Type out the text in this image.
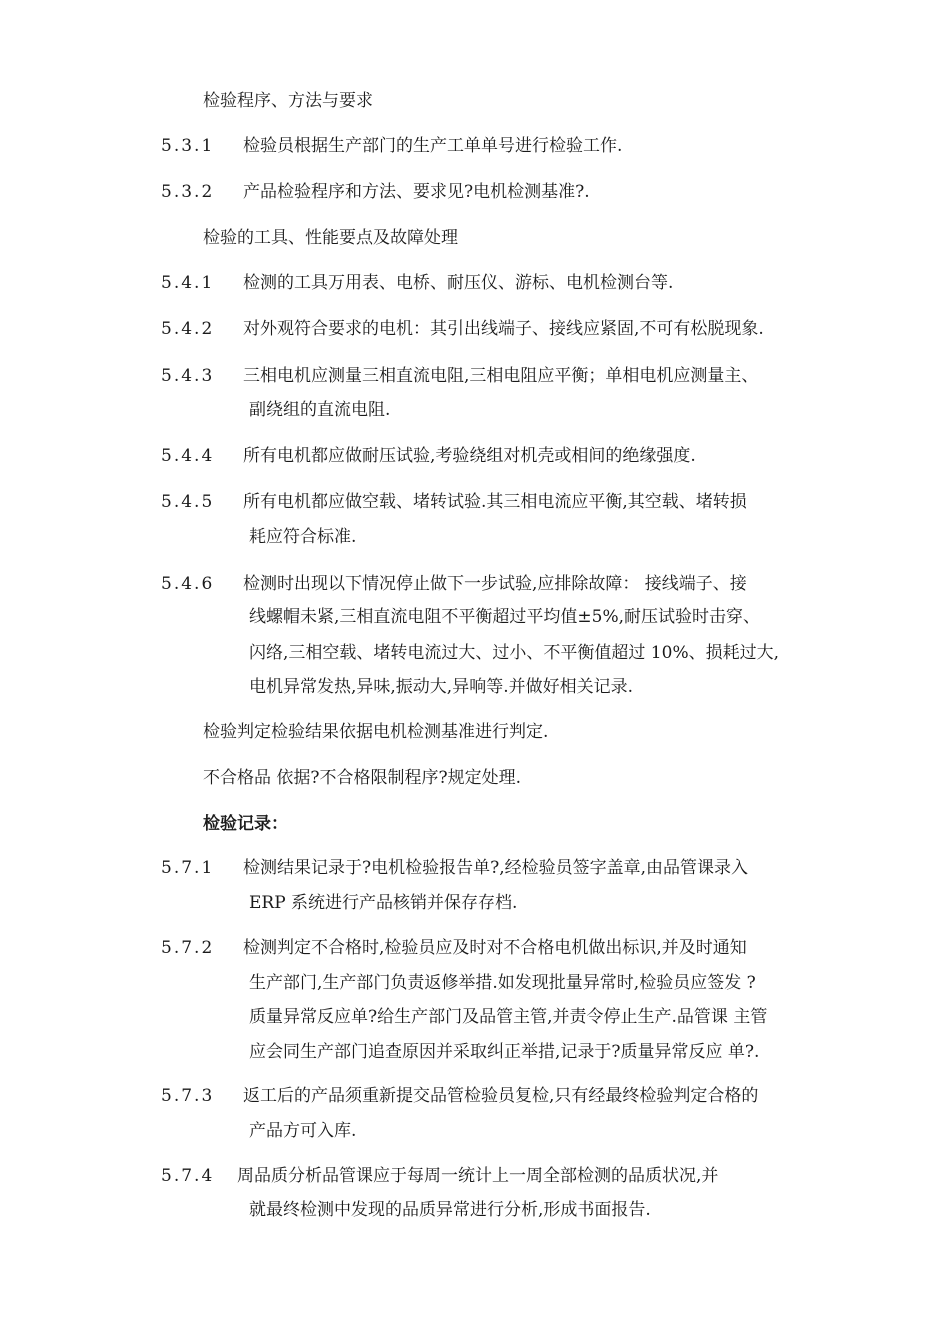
检验程序、方法与要求
5.3.1 检验员根据生产部门的生产工单单号进行检验工作.
5.3.2 产品检验程序和方法、要求见?电机检测基准?.
检验的工具、性能要点及故障处理
5.4.1 检测的工具万用表、电桥、耐压仪、游标、电机检测台等.
5.4.2 对外观符合要求的电机：其引出线端子、接线应紧固,不可有松脱现象.
5.4.3 三相电机应测量三相直流电阻,三相电阻应平衡；单相电机应测量主、
副绕组的直流电阻.
5.4.4 所有电机都应做耐压试验,考验绕组对机壳或相间的绝缘强度.
5.4.5 所有电机都应做空载、堵转试验.其三相电流应平衡,其空载、堵转损
耗应符合标准.
5.4.6 检测时出现以下情况停止做下一步试验,应排除故障： 接线端子、接
线螺帽未紧,三相直流电阻不平衡超过平均值±5%,耐压试验时击穿、
闪络,三相空载、堵转电流过大、过小、不平衡值超过 10%、损耗过大,
电机异常发热,异味,振动大,异响等.并做好相关记录.
检验判定检验结果依据电机检测基准进行判定.
不合格品 依据?不合格限制程序?规定处理.
检验记录：
5.7.1 检测结果记录于?电机检验报告单?,经检验员签字盖章,由品管课录入
ERP 系统进行产品核销并保存存档.
5.7.2 检测判定不合格时,检验员应及时对不合格电机做出标识,并及时通知
生产部门,生产部门负责返修举措.如发现批量异常时,检验员应签发 ?
质量异常反应单?给生产部门及品管主管,并责令停止生产.品管课 主管
应会同生产部门追查原因并采取纠正举措,记录于?质量异常反应 单?.
5.7.3 返工后的产品须重新提交品管检验员复检,只有经最终检验判定合格的
产品方可入库.
5.7.4 周品质分析品管课应于每周一统计上一周全部检测的品质状况,并
就最终检测中发现的品质异常进行分析,形成书面报告.
